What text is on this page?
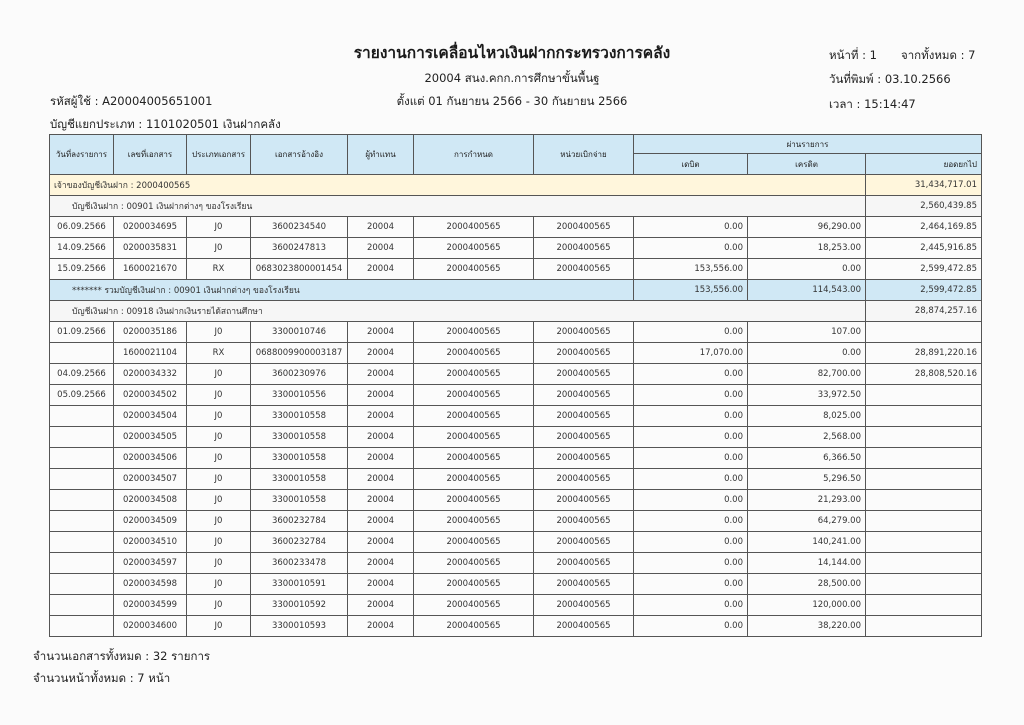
รายงานการเคลื่อนไหวเงินฝากกระทรวงการคลัง
20004 สนง.คกก.การศึกษาขั้นพื้นฐ
ตั้งแต่ 01 กันยายน 2566 - 30 กันยายน 2566
รหัสผู้ใช้ : A20004005651001
บัญชีแยกประเภท : 1101020501 เงินฝากคลัง
หน้าที่ : 1 จากทั้งหมด : 7
วันที่พิมพ์ : 03.10.2566
เวลา : 15:14:47
วันที่ลงรายการ	เลขที่เอกสาร	ประเภทเอกสาร	เอกสารอ้างอิง	ผู้ทำแทน	การกำหนด	หน่วยเบิกจ่าย	ผ่านรายการ		
							เดบิต	เครดิต	ยอดยกไป
เจ้าของบัญชีเงินฝาก : 2000400565									31,434,717.01
บัญชีเงินฝาก : 00901 เงินฝากต่างๆ ของโรงเรียน									2,560,439.85
06.09.2566	0200034695	J0	3600234540	20004	2000400565	2000400565	0.00	96,290.00	2,464,169.85
14.09.2566	0200035831	J0	3600247813	20004	2000400565	2000400565	0.00	18,253.00	2,445,916.85
15.09.2566	1600021670	RX	0683023800001454	20004	2000400565	2000400565	153,556.00	0.00	2,599,472.85
******* รวมบัญชีเงินฝาก : 00901 เงินฝากต่างๆ ของโรงเรียน							153,556.00	114,543.00	2,599,472.85
บัญชีเงินฝาก : 00918 เงินฝากเงินรายได้สถานศึกษา									28,874,257.16
01.09.2566	0200035186	J0	3300010746	20004	2000400565	2000400565	0.00	107.00	
	1600021104	RX	0688009900003187	20004	2000400565	2000400565	17,070.00	0.00	28,891,220.16
04.09.2566	0200034332	J0	3600230976	20004	2000400565	2000400565	0.00	82,700.00	28,808,520.16
05.09.2566	0200034502	J0	3300010556	20004	2000400565	2000400565	0.00	33,972.50	
	0200034504	J0	3300010558	20004	2000400565	2000400565	0.00	8,025.00	
	0200034505	J0	3300010558	20004	2000400565	2000400565	0.00	2,568.00	
	0200034506	J0	3300010558	20004	2000400565	2000400565	0.00	6,366.50	
	0200034507	J0	3300010558	20004	2000400565	2000400565	0.00	5,296.50	
	0200034508	J0	3300010558	20004	2000400565	2000400565	0.00	21,293.00	
	0200034509	J0	3600232784	20004	2000400565	2000400565	0.00	64,279.00	
	0200034510	J0	3600232784	20004	2000400565	2000400565	0.00	140,241.00	
	0200034597	J0	3600233478	20004	2000400565	2000400565	0.00	14,144.00	
	0200034598	J0	3300010591	20004	2000400565	2000400565	0.00	28,500.00	
	0200034599	J0	3300010592	20004	2000400565	2000400565	0.00	120,000.00	
	0200034600	J0	3300010593	20004	2000400565	2000400565	0.00	38,220.00	
จำนวนเอกสารทั้งหมด : 32 รายการ
จำนวนหน้าทั้งหมด : 7 หน้า
